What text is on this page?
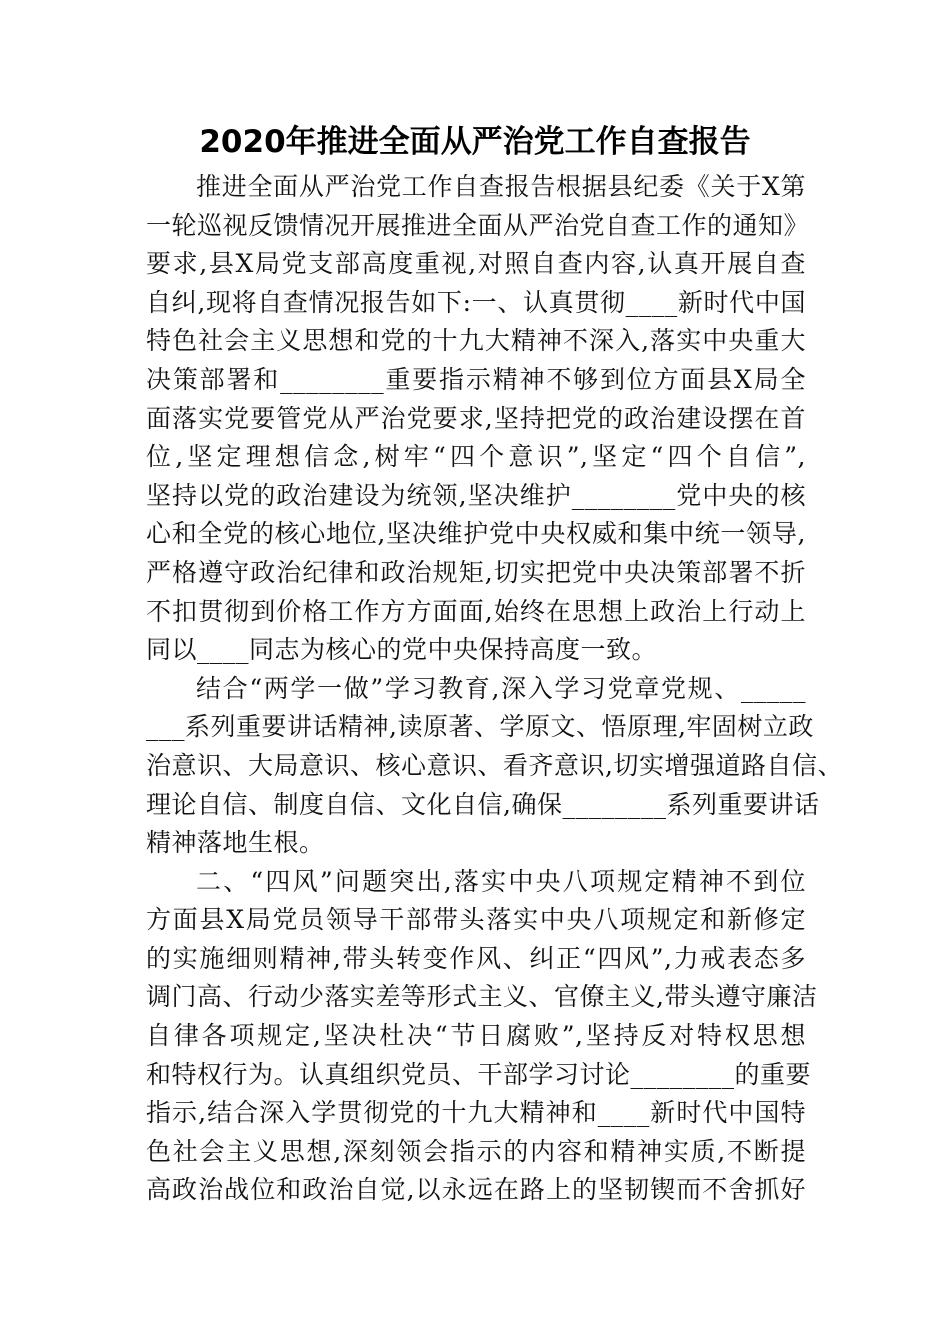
2020年推进全面从严治党工作自查报告
推进全面从严治党工作自查报告根据县纪委《关于X第
一轮巡视反馈情况开展推进全面从严治党自查工作的通知》
要求,县X局党支部高度重视,对照自查内容,认真开展自查
自纠,现将自查情况报告如下:一、认真贯彻____新时代中国
特色社会主义思想和党的十九大精神不深入,落实中央重大
决策部署和________重要指示精神不够到位方面县X局全
面落实党要管党从严治党要求,坚持把党的政治建设摆在首
位,坚定理想信念,树牢“四个意识”,坚定“四个自信”,
坚持以党的政治建设为统领,坚决维护________党中央的核
心和全党的核心地位,坚决维护党中央权威和集中统一领导,
严格遵守政治纪律和政治规矩,切实把党中央决策部署不折
不扣贯彻到价格工作方方面面,始终在思想上政治上行动上
同以____同志为核心的党中央保持高度一致。
结合“两学一做”学习教育,深入学习党章党规、_____
___系列重要讲话精神,读原著、学原文、悟原理,牢固树立政
治意识、大局意识、核心意识、看齐意识,切实增强道路自信、
理论自信、制度自信、文化自信,确保________系列重要讲话
精神落地生根。
二、“四风”问题突出,落实中央八项规定精神不到位
方面县X局党员领导干部带头落实中央八项规定和新修定
的实施细则精神,带头转变作风、纠正“四风”,力戒表态多
调门高、行动少落实差等形式主义、官僚主义,带头遵守廉洁
自律各项规定,坚决杜决“节日腐败”,坚持反对特权思想
和特权行为。认真组织党员、干部学习讨论________的重要
指示,结合深入学贯彻党的十九大精神和____新时代中国特
色社会主义思想,深刻领会指示的内容和精神实质,不断提
高政治战位和政治自觉,以永远在路上的坚韧锲而不舍抓好
